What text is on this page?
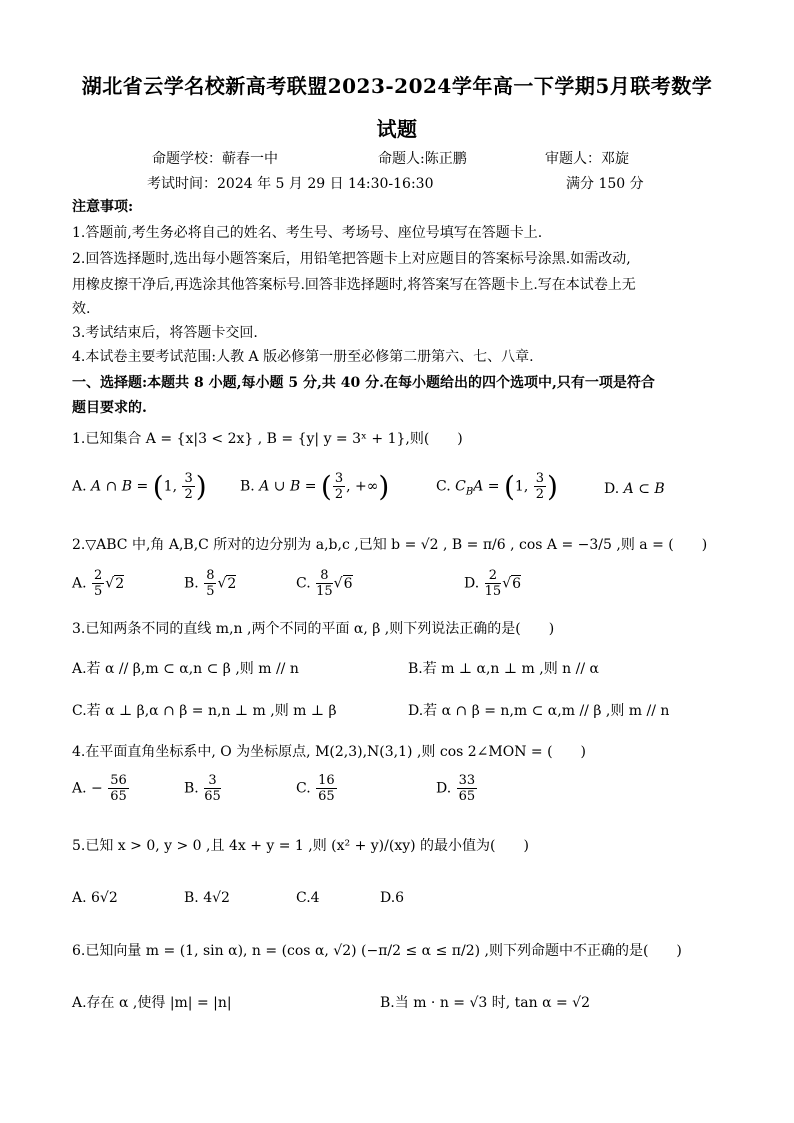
湖北省云学名校新高考联盟2023-2024学年高一下学期5月联考数学
试题
命题学校：蕲春一中	命题人:陈正鹏	审题人：邓旋
考试时间：2024 年 5 月 29 日 14:30-16:30	满分 150 分
注意事项:
1.答题前,考生务必将自己的姓名、考生号、考场号、座位号填写在答题卡上.
2.回答选择题时,选出每小题答案后，用铅笔把答题卡上对应题目的答案标号涂黑.如需改动,
用橡皮擦干净后,再选涂其他答案标号.回答非选择题时,将答案写在答题卡上.写在本试卷上无
效.
3.考试结束后，将答题卡交回.
4.本试卷主要考试范围:人教 A 版必修第一册至必修第二册第六、七、八章.
一、选择题:本题共 8 小题,每小题 5 分,共 40 分.在每小题给出的四个选项中,只有一项是符合
题目要求的.
1.已知集合 A = {x|3 < 2x} , B = {y| y = 3ˣ + 1},则(　　)
A. A ∩ B = (1, $\frac{3}{2}$ ) B. A ∪ B = ( $\frac{3}{2}$ , +∞)	C. $C_BA = (1$, $\frac{3}{2}$ )	D. A ⊂ B
2.▽ABC 中,角 A,B,C 所对的边分别为 a,b,c ,已知 b = √2 , B = π/6 , cos A = −3/5 ,则 a = (　　)
A. $\frac{2}{5} √2$	B. $\frac{8}{5} √2$	C. $\frac{8}{15} √6$	D. $\frac{2}{15} √6$
3.已知两条不同的直线 m,n ,两个不同的平面 α, β ,则下列说法正确的是(　　)
A.若 α // β,m ⊂ α,n ⊂ β ,则 m // n	B.若 m ⊥ α,n ⊥ m ,则 n // α
C.若 α ⊥ β,α ∩ β = n,n ⊥ m ,则 m ⊥ β	D.若 α ∩ β = n,m ⊂ α,m // β ,则 m // n
4.在平面直角坐标系中, O 为坐标原点, M(2,3),N(3,1) ,则 cos 2∠MON = (　　)
A. − $\frac{56}{65}$	B. $\frac{3}{65}$	C. $\frac{16}{65}$	D. $\frac{33}{65}$
5.已知 x > 0, y > 0 ,且 4x + y = 1 ,则 (x² + y)/(xy) 的最小值为(　　)
A. 6√2	B. 4√2	C.4	D.6
6.已知向量 m = (1, sin α), n = (cos α, √2) (−π/2 ≤ α ≤ π/2) ,则下列命题中不正确的是(　　)
A.存在 α ,使得 |m| = |n|	B.当 m · n = √3 时, tan α = √2
